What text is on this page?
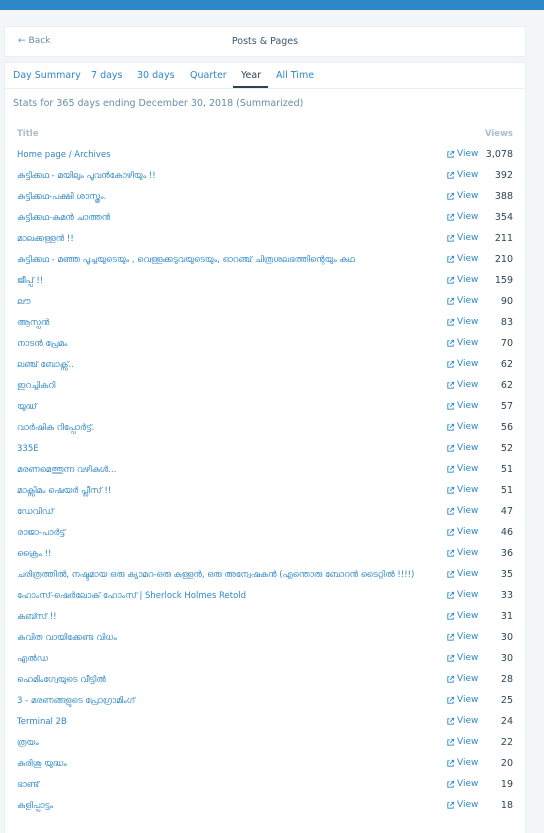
← Back	Posts & Pages
Day Summary 7 days 30 days Quarter Year All Time
Stats for 365 days ending December 30, 2018 (Summarized)
Title	Views
Home page / Archives	View 3,078
കുട്ടിക്കഥ - മയിലും പൂവൻകോഴിയും !!	View 392
കുട്ടിക്കഥ-പക്ഷി ശാസ്ത്രം.	View 388
കുട്ടിക്കഥ-കുമൻ ചാത്തൻ	View 354
മാലക്കള്ളൻ !!	View 211
കുട്ടിക്കഥ - മഞ്ഞ പൂച്ചയുടെയും , വെള്ളക്കടുവയുടെയും, ഓറഞ്ച് ചിത്രശലഭത്തിന്റെയും കഥ	View 210
ജീപ്പ് !!	View 159
ലൗ	View 90
ആസ്പൻ	View 83
നാടൻ പ്രേമം	View 70
ലഞ്ച് ബോക്സ്..	View 62
ഇറച്ചികറി	View 62
യുദ്ധ്	View 57
വാർഷിക റിപ്പോർട്ട്.	View 56
335E	View 52
മരണമെത്തുന്ന വഴികൾ...	View 51
മാക്സിമം ഷെയർ പ്ലീസ് !!	View 51
ഡേവിഡ്	View 47
രാജാ-പാർട്ട്	View 46
ക്രൈം !!	View 36
ചരിത്രത്തിൽ, നഷ്ടമായ ഒരു ക്യാമറ-ഒരു കള്ളൻ, ഒരു അന്വേഷകൻ (എന്തൊരു ബോറൻ ടൈറ്റിൽ !!!!)	View 35
ഹോംസ്-ഷെർലോക് ഹോംസ് | Sherlock Holmes Retold	View 33
കബ്സ് !!	View 31
കവിത വായിക്കേണ്ട വിധം	View 30
എൽഡ	View 30
ഹെമിംഗ്വേയുടെ വീട്ടിൽ	View 28
3 - മരണങ്ങളുടെ പ്രോഗ്രാമിംഗ്	View 25
Terminal 2B	View 24
ത്രയം	View 22
കുരിശു യുദ്ധം	View 20
ഭാണ്ട്	View 19
കളിപ്പാട്ടം	View 18
